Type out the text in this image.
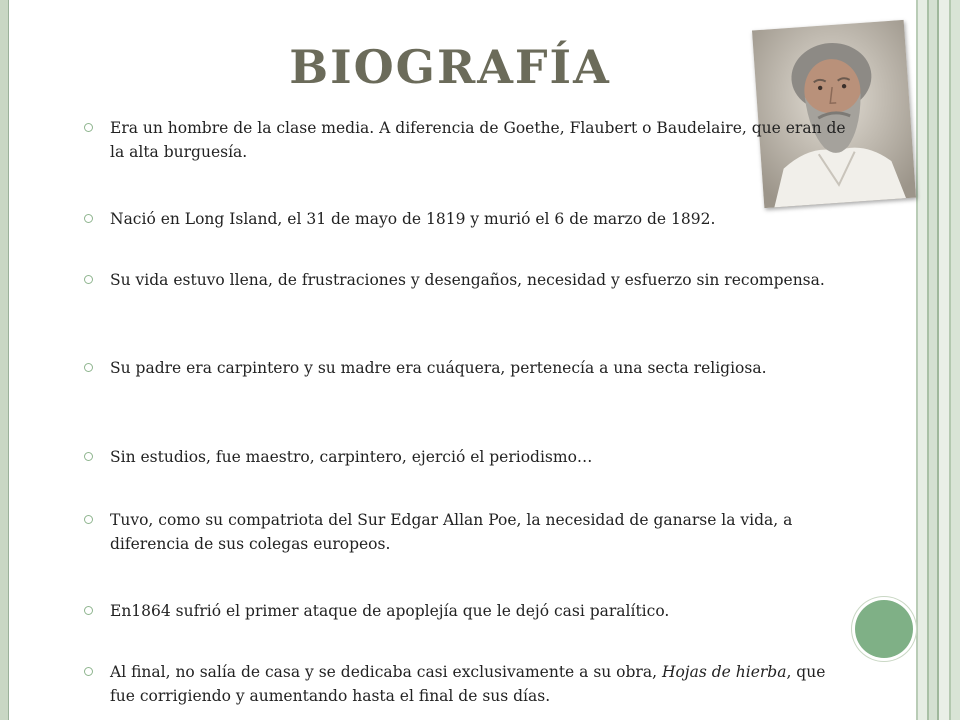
BIOGRAFÍA
Era un hombre de la clase media. A diferencia de Goethe, Flaubert o Baudelaire, que eran de la alta burguesía.
Nació en Long Island, el 31 de mayo de 1819 y murió el 6 de marzo de 1892.
Su vida estuvo llena, de frustraciones y desengaños, necesidad y esfuerzo sin recompensa.
Su padre era carpintero y su madre era cuáquera, pertenecía a una secta religiosa.
Sin estudios, fue maestro, carpintero, ejerció el periodismo…
Tuvo, como su compatriota del Sur Edgar Allan Poe, la necesidad de ganarse la vida, a diferencia de sus colegas europeos.
En1864 sufrió el primer ataque de apoplejía que le dejó casi paralítico.
Al final, no salía de casa y se dedicaba casi exclusivamente a su obra, Hojas de hierba, que fue corrigiendo y aumentando hasta el final de sus días.
